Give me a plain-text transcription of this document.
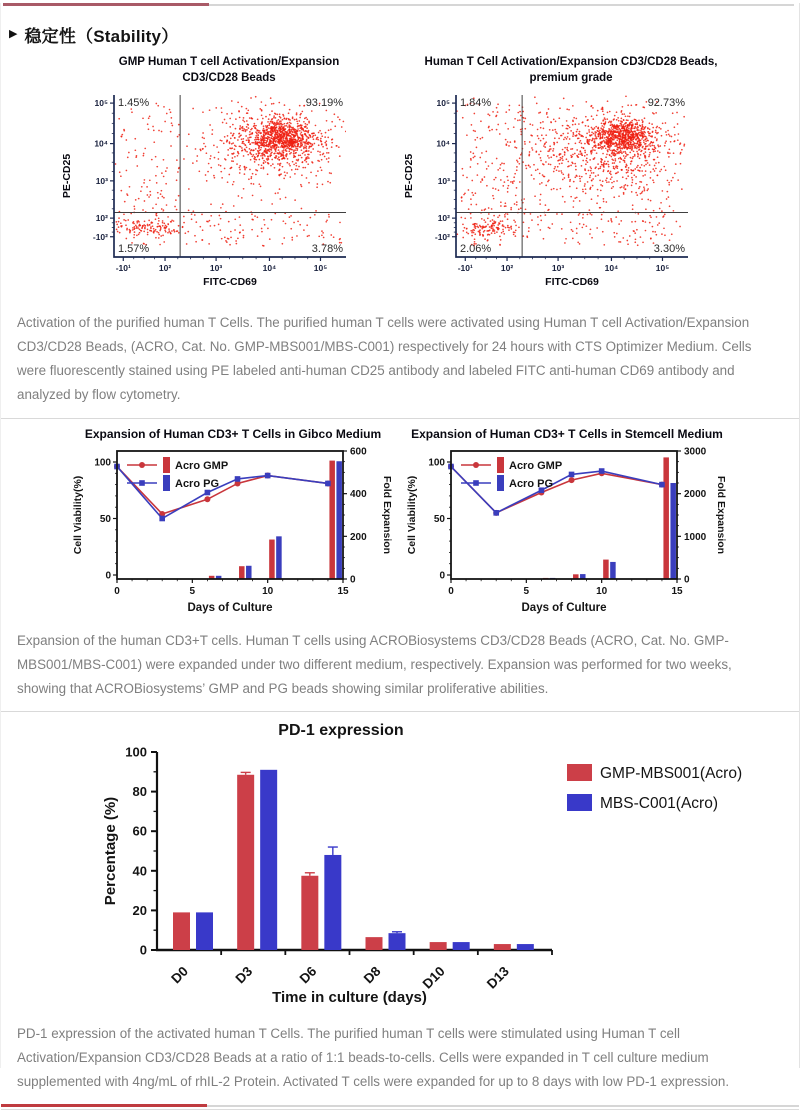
▶ 稳定性（Stability）
GMP Human T cell Activation/Expansion
CD3/CD28 Beads
10⁵
10⁴
10³
10²
-10²
-10¹	10²	10³	10⁴	10⁵
1.45%	93.19%
1.57%	3.78%
FITC-CD69
PE-CD25
Human T Cell Activation/Expansion CD3/CD28 Beads,
premium grade
10⁵
10⁴
10³
10²
-10²
-10¹	10²	10³	10⁴	10⁵
1.84%	92.73%
2.06%	3.30%
FITC-CD69
PE-CD25

Activation of the purified human T Cells. The purified human T cells were activated using Human T cell Activation/Expansion CD3/CD28 Beads, (ACRO, Cat. No. GMP-MBS001/MBS-C001) respectively for 24 hours with CTS Optimizer Medium. Cells were fluorescently stained using PE labeled anti-human CD25 antibody and labeled FITC anti-human CD69 antibody and analyzed by flow cytometry.

Expansion of Human CD3+ T Cells in Gibco Medium
0
50
100
0
200
400
600
0	5	10	15
Acro GMP
Acro PG
Days of Culture
Cell Viability(%)	Fold Expansion
Expansion of Human CD3+ T Cells in Stemcell Medium
0
50
100
0
1000
2000
3000
0	5	10	15
Acro GMP
Acro PG
Days of Culture
Cell Viability(%)	Fold Expansion

Expansion of the human CD3+T cells. Human T cells using ACROBiosystems CD3/CD28 Beads (ACRO, Cat. No. GMP-MBS001/MBS-C001) were expanded under two different medium, respectively. Expansion was performed for two weeks, showing that ACROBiosystems’ GMP and PG beads showing similar proliferative abilities.

PD-1 expression
0
20
40
60
80
100
D0	D3	D6	D8	D10	D13
Time in culture (days)
Percentage (%)
GMP-MBS001(Acro)
MBS-C001(Acro)

PD-1 expression of the activated human T Cells. The purified human T cells were stimulated using Human T cell Activation/Expansion CD3/CD28 Beads at a ratio of 1:1 beads-to-cells. Cells were expanded in T cell culture medium supplemented with 4ng/mL of rhIL-2 Protein. Activated T cells were expanded for up to 8 days with low PD-1 expression.
